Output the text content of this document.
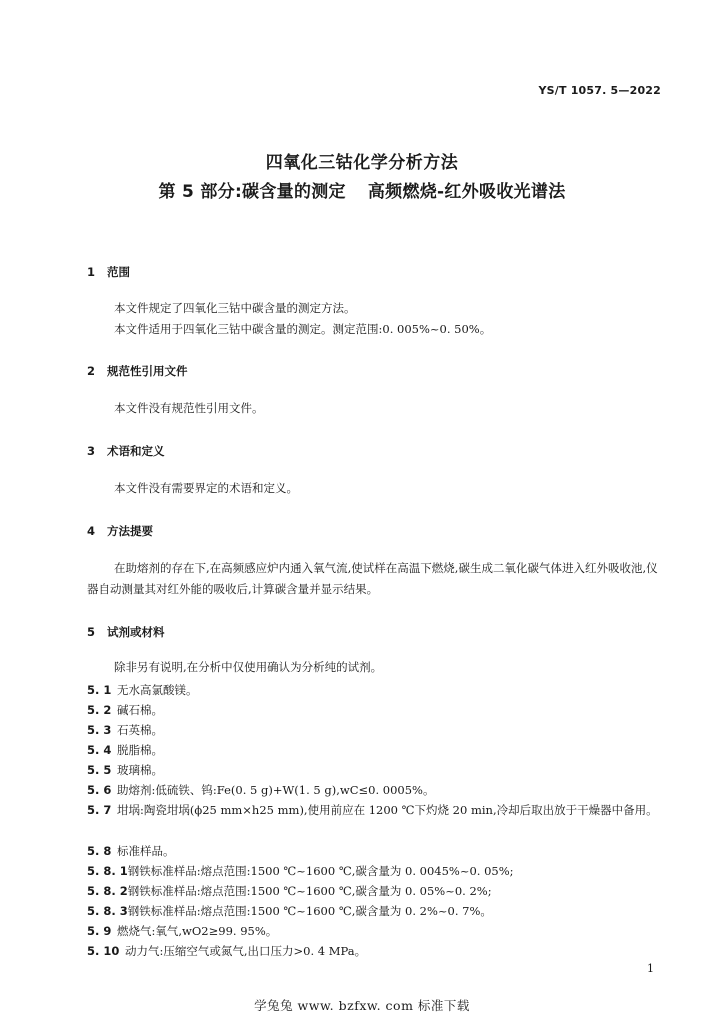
YS/T 1057. 5—2022
四氧化三钴化学分析方法
第 5 部分:碳含量的测定 高频燃烧-红外吸收光谱法
1 范围
本文件规定了四氧化三钴中碳含量的测定方法。
本文件适用于四氧化三钴中碳含量的测定。测定范围:0. 005%~0. 50%。
2 规范性引用文件
本文件没有规范性引用文件。
3 术语和定义
本文件没有需要界定的术语和定义。
4 方法提要
在助熔剂的存在下,在高频感应炉内通入氧气流,使试样在高温下燃烧,碳生成二氧化碳气体进入红外吸收池,仪器自动测量其对红外能的吸收后,计算碳含量并显示结果。
5 试剂或材料
除非另有说明,在分析中仅使用确认为分析纯的试剂。
5. 1 无水高氯酸镁。
5. 2 碱石棉。
5. 3 石英棉。
5. 4 脱脂棉。
5. 5 玻璃棉。
5. 6 助熔剂:低硫铁、钨:Fe(0. 5 g)+W(1. 5 g),wC≤0. 0005%。
5. 7 坩埚:陶瓷坩埚(ϕ25 mm×h25 mm),使用前应在 1200 ℃下灼烧 20 min,冷却后取出放于干燥器中备用。
5. 8 标准样品。
5. 8. 1钢铁标准样品:熔点范围:1500 ℃~1600 ℃,碳含量为 0. 0045%~0. 05%;
5. 8. 2钢铁标准样品:熔点范围:1500 ℃~1600 ℃,碳含量为 0. 05%~0. 2%;
5. 8. 3钢铁标准样品:熔点范围:1500 ℃~1600 ℃,碳含量为 0. 2%~0. 7%。
5. 9 燃烧气:氧气,wO2≥99. 95%。
5. 10 动力气:压缩空气或氮气,出口压力>0. 4 MPa。
1
学兔兔 www. bzfxw. com 标准下载
